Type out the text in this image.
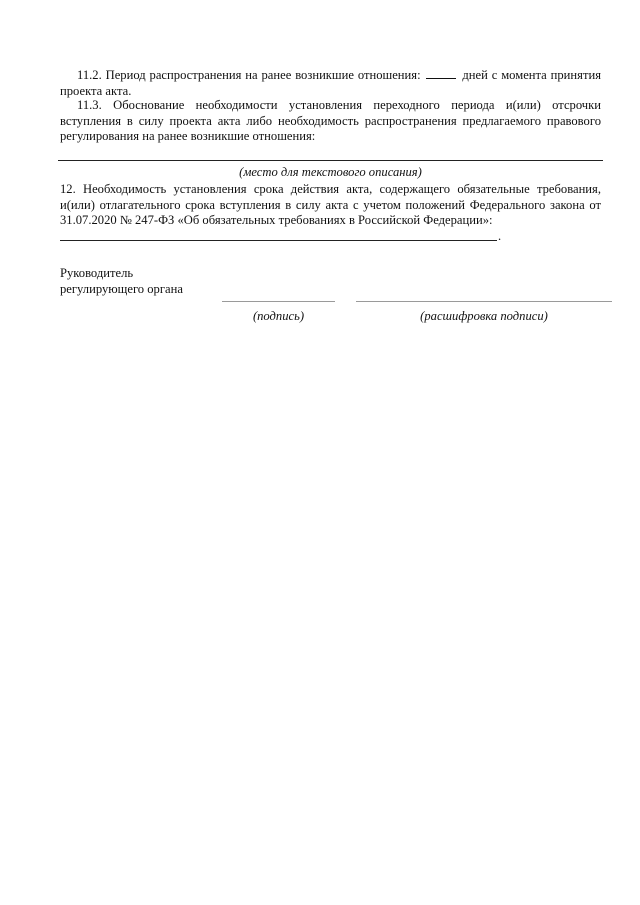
11.2. Период распространения на ранее возникшие отношения:	дней с момента принятия проекта акта.

11.3. Обоснование необходимости установления переходного периода и(или) отсрочки вступления в силу проекта акта либо необходимость распространения предлагаемого правового регулирования на ранее возникшие отношения:

(место для текстового описания)

12. Необходимость установления срока действия акта, содержащего обязательные требования, и(или) отлагательного срока вступления в силу акта с учетом положений Федерального закона от 31.07.2020 № 247-ФЗ «Об обязательных требованиях в Российской Федерации»:

.

Руководитель

регулирующего органа

(подпись)	(расшифровка подписи)
